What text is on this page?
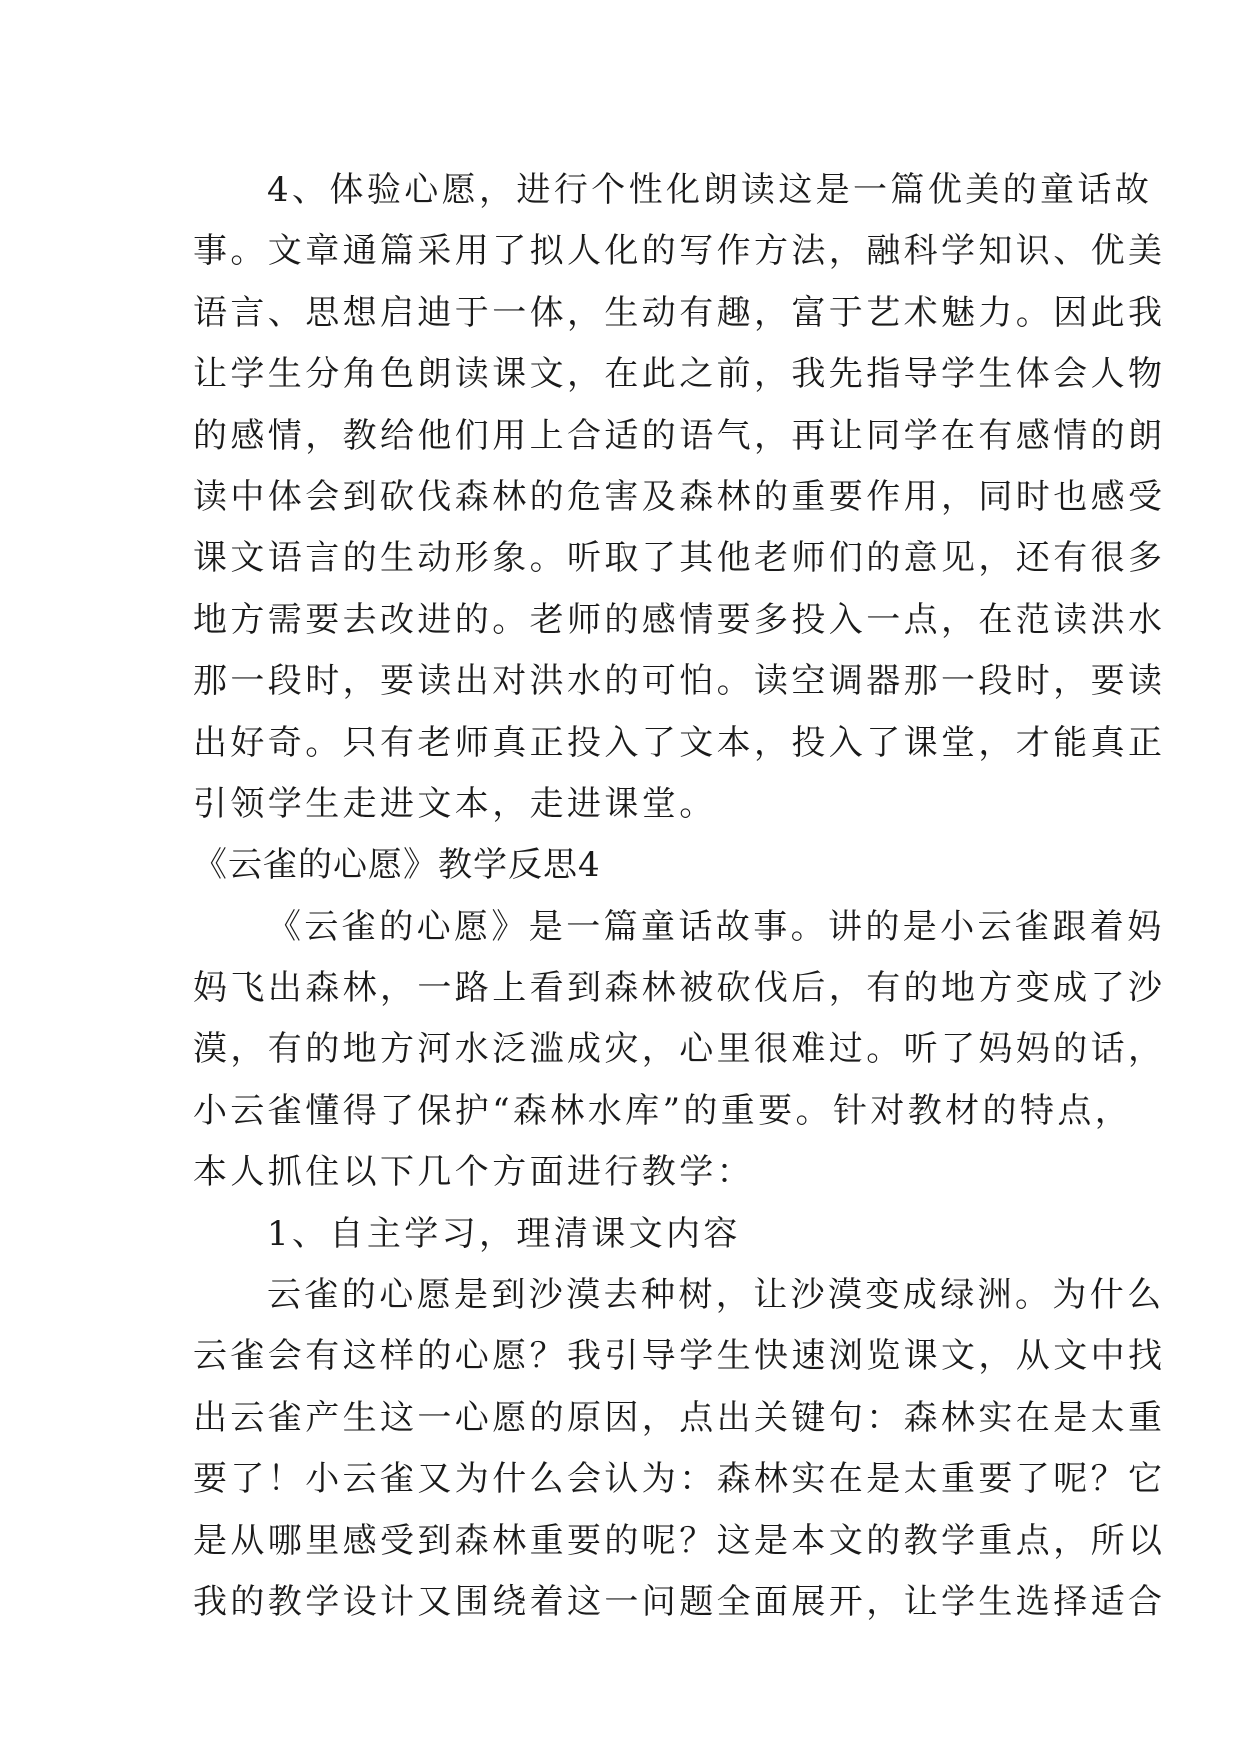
4、体验心愿，进行个性化朗读这是一篇优美的童话故
事。文章通篇采用了拟人化的写作方法，融科学知识、优美
语言、思想启迪于一体，生动有趣，富于艺术魅力。因此我
让学生分角色朗读课文，在此之前，我先指导学生体会人物
的感情，教给他们用上合适的语气，再让同学在有感情的朗
读中体会到砍伐森林的危害及森林的重要作用，同时也感受
课文语言的生动形象。听取了其他老师们的意见，还有很多
地方需要去改进的。老师的感情要多投入一点，在范读洪水
那一段时，要读出对洪水的可怕。读空调器那一段时，要读
出好奇。只有老师真正投入了文本，投入了课堂，才能真正
引领学生走进文本，走进课堂。
《云雀的心愿》教学反思4
《云雀的心愿》是一篇童话故事。讲的是小云雀跟着妈
妈飞出森林，一路上看到森林被砍伐后，有的地方变成了沙
漠，有的地方河水泛滥成灾，心里很难过。听了妈妈的话，
小云雀懂得了保护“森林水库”的重要。针对教材的特点，
本人抓住以下几个方面进行教学：
1、自主学习，理清课文内容
云雀的心愿是到沙漠去种树，让沙漠变成绿洲。为什么
云雀会有这样的心愿？我引导学生快速浏览课文，从文中找
出云雀产生这一心愿的原因，点出关键句：森林实在是太重
要了！小云雀又为什么会认为：森林实在是太重要了呢？它
是从哪里感受到森林重要的呢？这是本文的教学重点，所以
我的教学设计又围绕着这一问题全面展开，让学生选择适合
